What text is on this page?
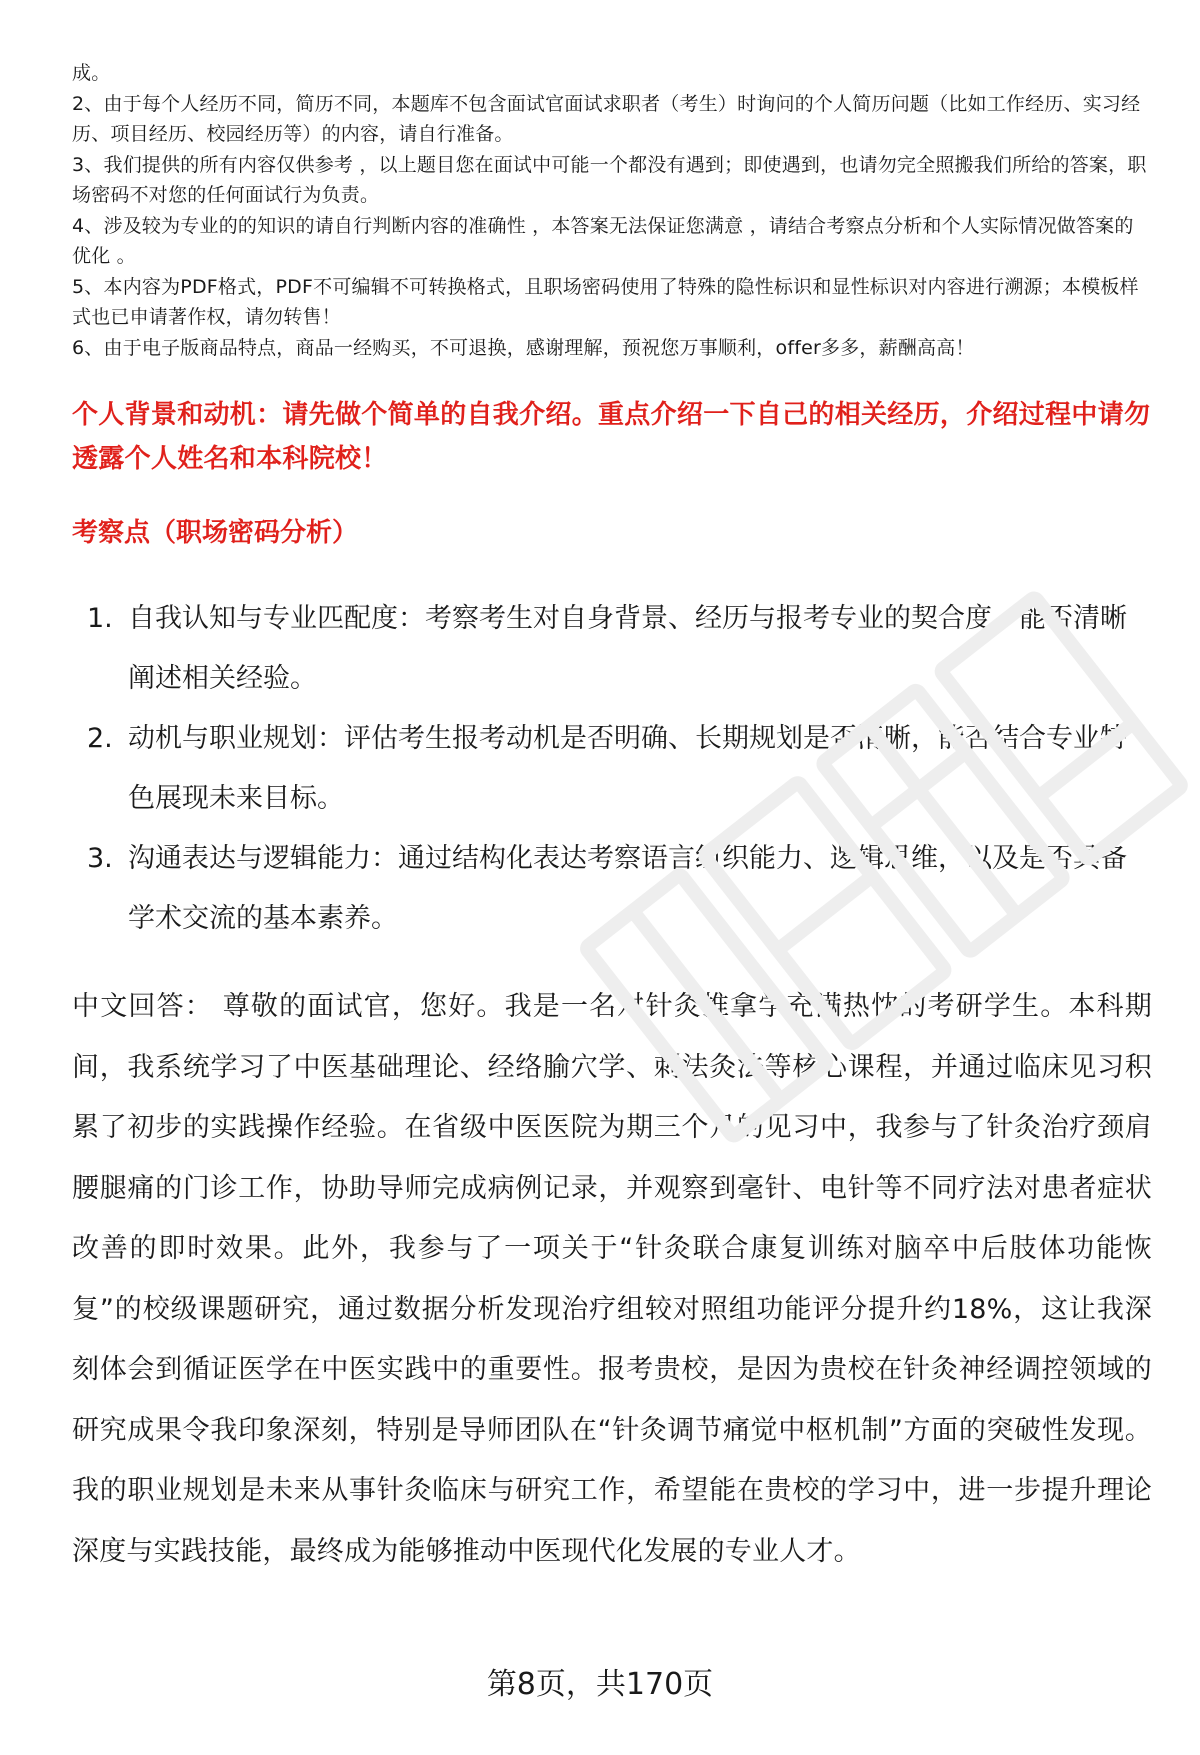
成。

2、由于每个人经历不同，简历不同，本题库不包含面试官面试求职者（考生）时询问的个人简历问题（比如工作经历、实习经历、项目经历、校园经历等）的内容，请自行准备。

3、我们提供的所有内容仅供参考 ，以上题目您在面试中可能一个都没有遇到；即使遇到，也请勿完全照搬我们所给的答案，职场密码不对您的任何面试行为负责。

4、涉及较为专业的的知识的请自行判断内容的准确性 ，本答案无法保证您满意 ，请结合考察点分析和个人实际情况做答案的优化 。

5、本内容为PDF格式，PDF不可编辑不可转换格式，且职场密码使用了特殊的隐性标识和显性标识对内容进行溯源；本模板样式也已申请著作权，请勿转售！

6、由于电子版商品特点，商品一经购买，不可退换，感谢理解，预祝您万事顺利，offer多多，薪酬高高！

个人背景和动机：请先做个简单的自我介绍。重点介绍一下自己的相关经历，介绍过程中请勿透露个人姓名和本科院校！
考察点（职场密码分析）
1. 自我认知与专业匹配度：考察考生对自身背景、经历与报考专业的契合度，能否清晰阐述相关经验。
2. 动机与职业规划：评估考生报考动机是否明确、长期规划是否清晰，能否结合专业特色展现未来目标。
3. 沟通表达与逻辑能力：通过结构化表达考察语言组织能力、逻辑思维，以及是否具备学术交流的基本素养。

中文回答： 尊敬的面试官，您好。我是一名对针灸推拿学充满热忱的考研学生。本科期间，我系统学习了中医基础理论、经络腧穴学、刺法灸法等核心课程，并通过临床见习积累了初步的实践操作经验。在省级中医医院为期三个月的见习中，我参与了针灸治疗颈肩腰腿痛的门诊工作，协助导师完成病例记录，并观察到毫针、电针等不同疗法对患者症状改善的即时效果。此外，我参与了一项关于“针灸联合康复训练对脑卒中后肢体功能恢复”的校级课题研究，通过数据分析发现治疗组较对照组功能评分提升约18%，这让我深刻体会到循证医学在中医实践中的重要性。报考贵校，是因为贵校在针灸神经调控领域的研究成果令我印象深刻，特别是导师团队在“针灸调节痛觉中枢机制”方面的突破性发现。我的职业规划是未来从事针灸临床与研究工作，希望能在贵校的学习中，进一步提升理论深度与实践技能，最终成为能够推动中医现代化发展的专业人才。

第8页，共170页
